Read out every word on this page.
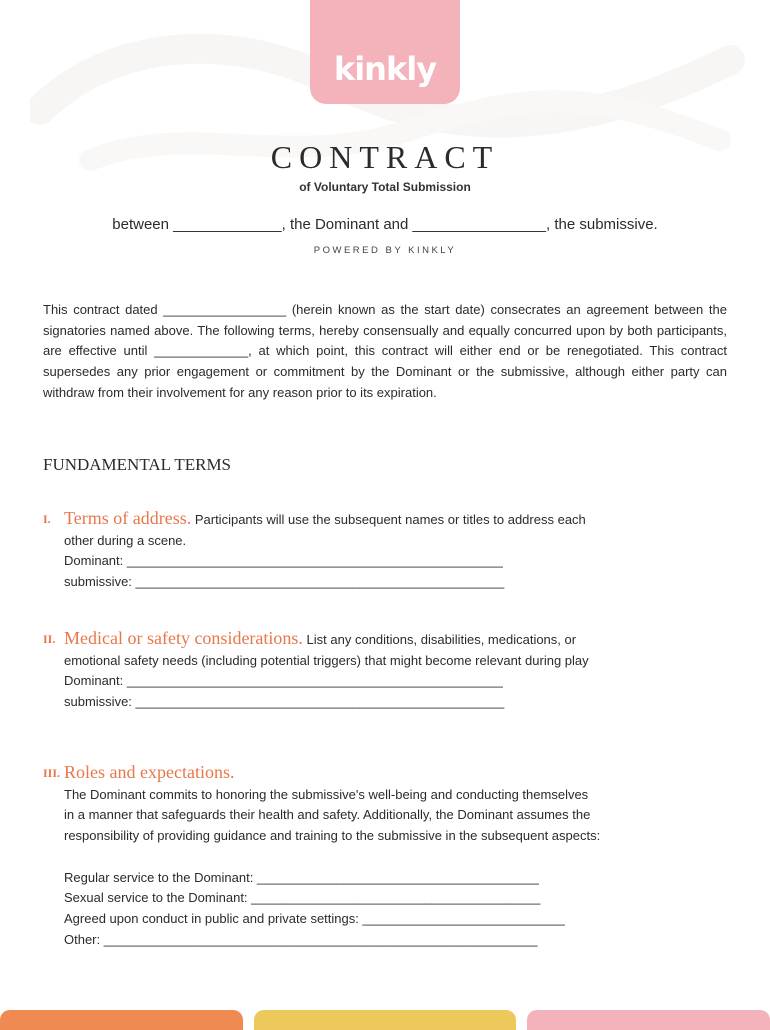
kinkly
CONTRACT
of Voluntary Total Submission
between _____________, the Dominant and ________________, the submissive.
POWERED BY KINKLY

This contract dated _________________ (herein known as the start date) consecrates an agreement between the signatories named above. The following terms, hereby consensually and equally concurred upon by both participants, are effective until _____________, at which point, this contract will either end or be renegotiated. This contract supersedes any prior engagement or commitment by the Dominant or the submissive, although either party can withdraw from their involvement for any reason prior to its expiration.

FUNDAMENTAL TERMS
I. Terms of address. Participants will use the subsequent names or titles to address each
other during a scene.
Dominant: ____________________________________________________
submissive: ___________________________________________________
II. Medical or safety considerations. List any conditions, disabilities, medications, or
emotional safety needs (including potential triggers) that might become relevant during play
Dominant: ____________________________________________________
submissive: ___________________________________________________
III. Roles and expectations.
The Dominant commits to honoring the submissive's well-being and conducting themselves
in a manner that safeguards their health and safety. Additionally, the Dominant assumes the
responsibility of providing guidance and training to the submissive in the subsequent aspects:
Regular service to the Dominant: _______________________________________
Sexual service to the Dominant: ________________________________________
Agreed upon conduct in public and private settings: ____________________________
Other: ____________________________________________________________
